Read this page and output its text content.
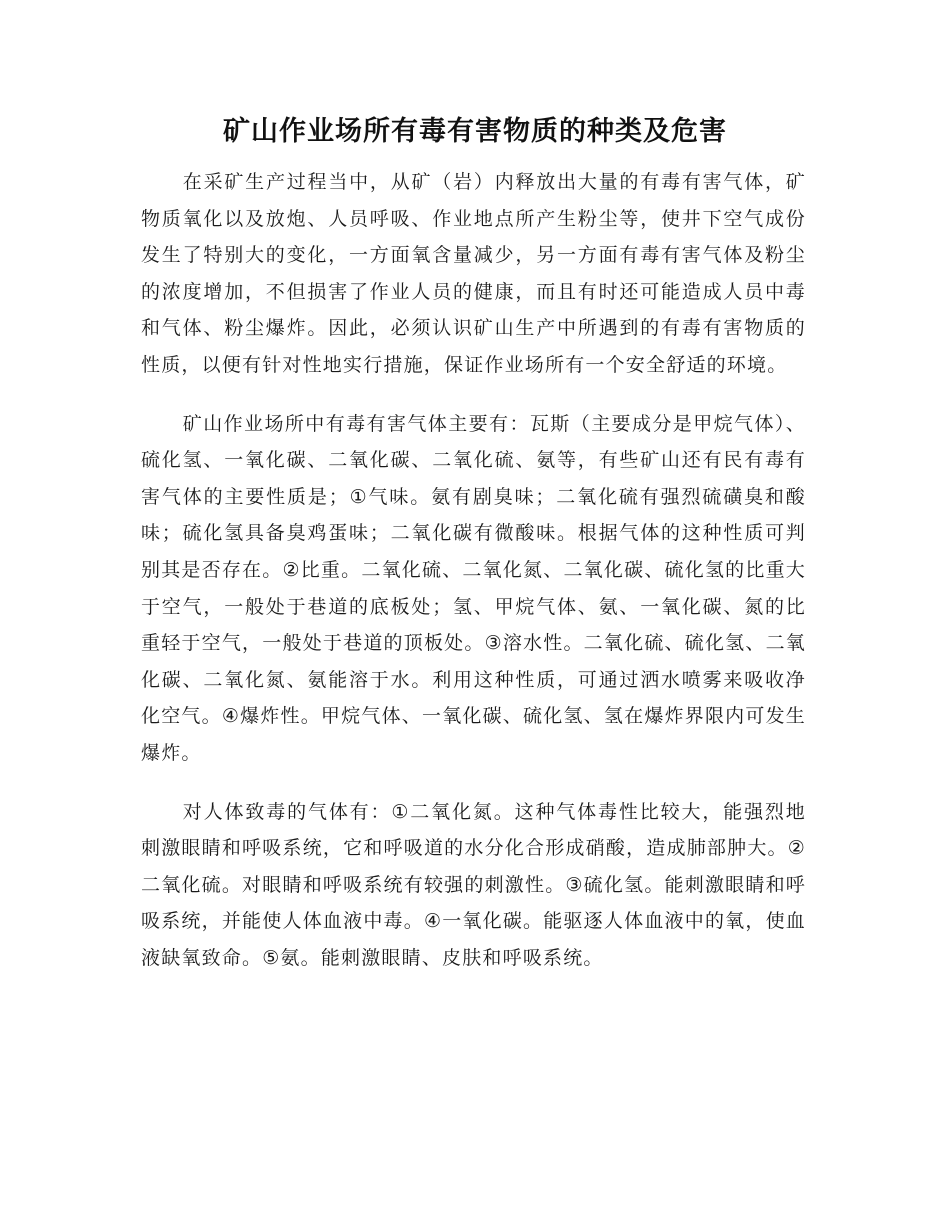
矿山作业场所有毒有害物质的种类及危害

在采矿生产过程当中，从矿（岩）内释放出大量的有毒有害气体，矿物质氧化以及放炮、人员呼吸、作业地点所产生粉尘等，使井下空气成份发生了特别大的变化，一方面氧含量减少，另一方面有毒有害气体及粉尘的浓度增加，不但损害了作业人员的健康，而且有时还可能造成人员中毒和气体、粉尘爆炸。因此，必须认识矿山生产中所遇到的有毒有害物质的性质，以便有针对性地实行措施，保证作业场所有一个安全舒适的环境。

矿山作业场所中有毒有害气体主要有：瓦斯（主要成分是甲烷气体）、硫化氢、一氧化碳、二氧化碳、二氧化硫、氨等，有些矿山还有民有毒有害气体的主要性质是；①气味。氨有剧臭味；二氧化硫有强烈硫磺臭和酸味；硫化氢具备臭鸡蛋味；二氧化碳有微酸味。根据气体的这种性质可判别其是否存在。②比重。二氧化硫、二氧化氮、二氧化碳、硫化氢的比重大于空气，一般处于巷道的底板处；氢、甲烷气体、氨、一氧化碳、氮的比重轻于空气，一般处于巷道的顶板处。③溶水性。二氧化硫、硫化氢、二氧化碳、二氧化氮、氨能溶于水。利用这种性质，可通过洒水喷雾来吸收净化空气。④爆炸性。甲烷气体、一氧化碳、硫化氢、氢在爆炸界限内可发生爆炸。

对人体致毒的气体有：①二氧化氮。这种气体毒性比较大，能强烈地刺激眼睛和呼吸系统，它和呼吸道的水分化合形成硝酸，造成肺部肿大。②二氧化硫。对眼睛和呼吸系统有较强的刺激性。③硫化氢。能刺激眼睛和呼吸系统，并能使人体血液中毒。④一氧化碳。能驱逐人体血液中的氧，使血液缺氧致命。⑤氨。能刺激眼睛、皮肤和呼吸系统。
